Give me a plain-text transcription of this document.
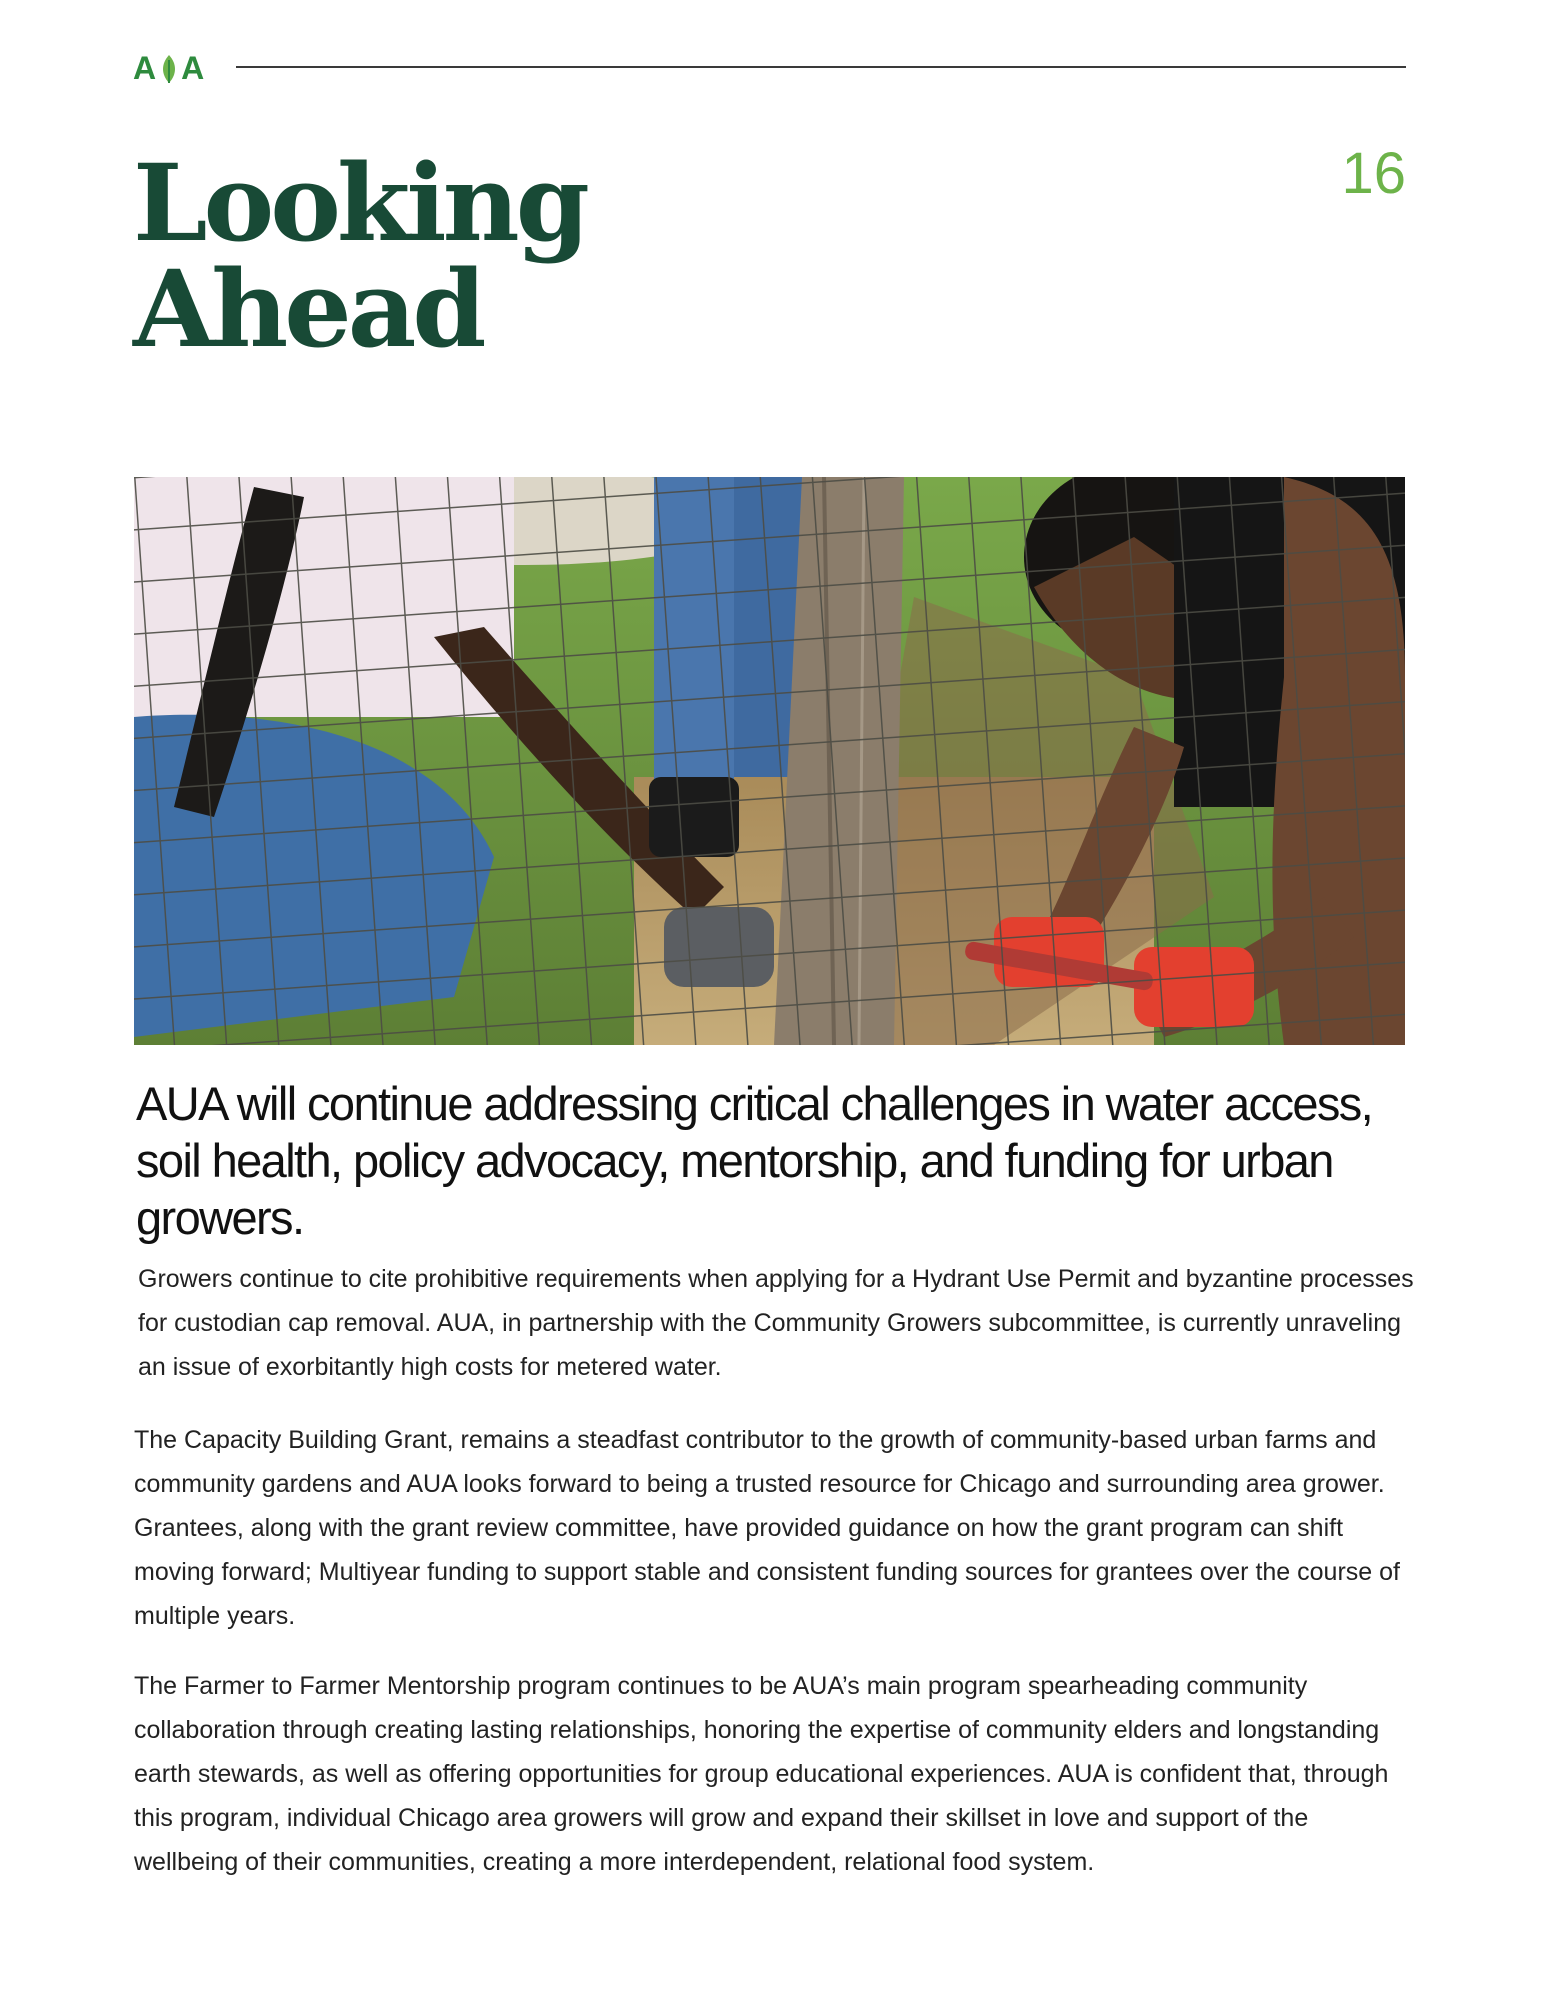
A A
16
Looking
Ahead

AUA will continue addressing critical challenges in water access, soil health, policy advocacy, mentorship, and funding for urban growers.

Growers continue to cite prohibitive requirements when applying for a Hydrant Use Permit and byzantine processes for custodian cap removal. AUA, in partnership with the Community Growers subcommittee, is currently unraveling an issue of exorbitantly high costs for metered water.

The Capacity Building Grant, remains a steadfast contributor to the growth of community-based urban farms and community gardens and AUA looks forward to being a trusted resource for Chicago and surrounding area grower. Grantees, along with the grant review committee, have provided guidance on how the grant program can shift moving forward; Multiyear funding to support stable and consistent funding sources for grantees over the course of multiple years.

The Farmer to Farmer Mentorship program continues to be AUA’s main program spearheading community collaboration through creating lasting relationships, honoring the expertise of community elders and longstanding earth stewards, as well as offering opportunities for group educational experiences. AUA is confident that, through this program, individual Chicago area growers will grow and expand their skillset in love and support of the wellbeing of their communities, creating a more interdependent, relational food system.
